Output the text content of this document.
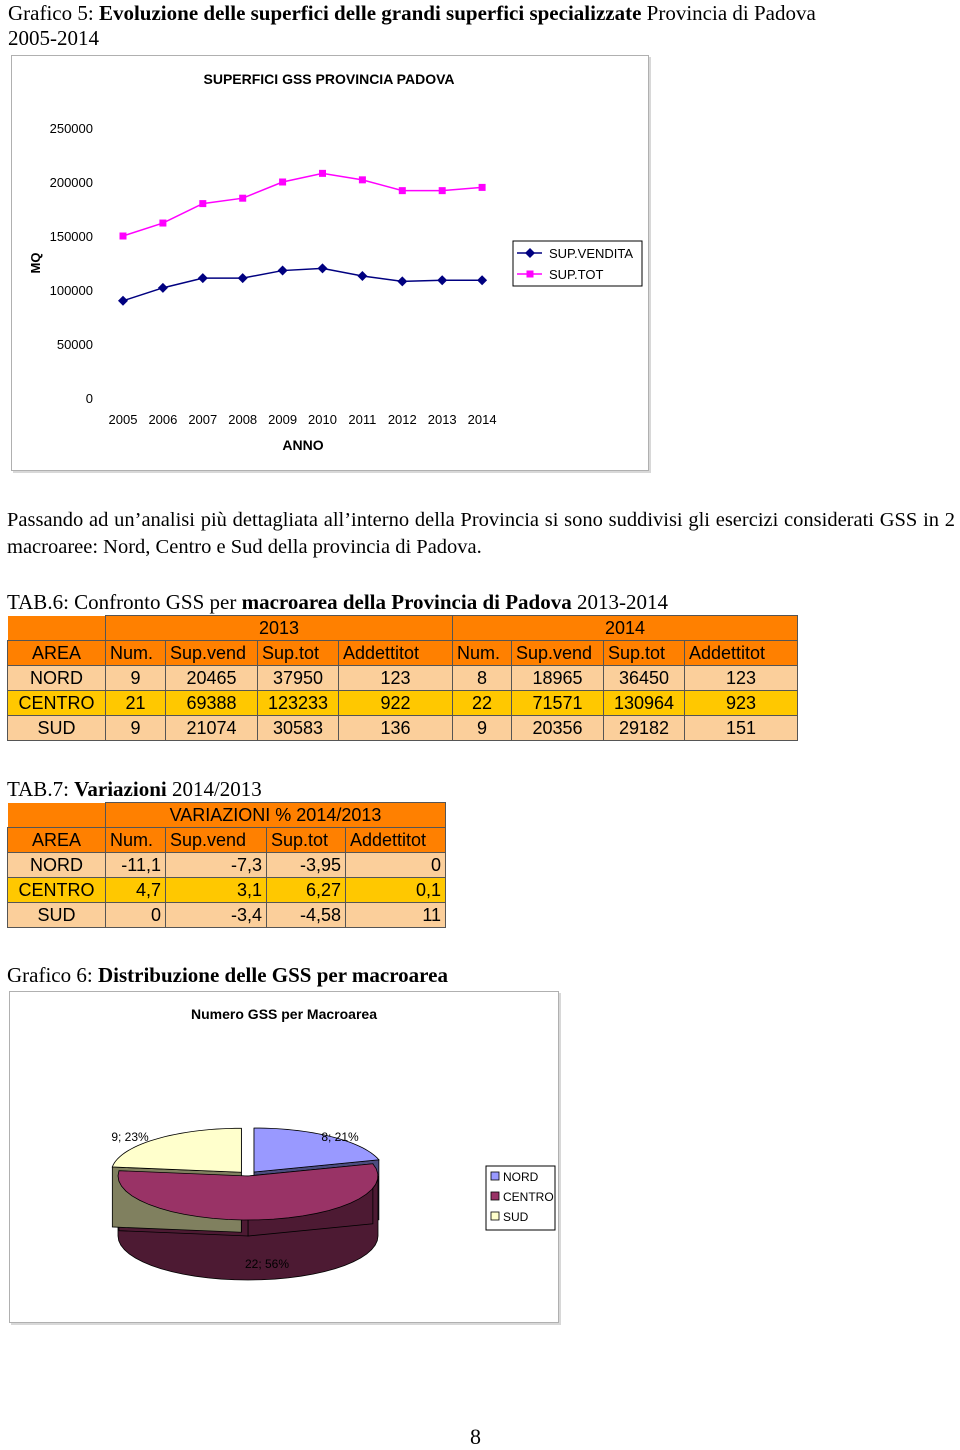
Grafico 5: Evoluzione delle superfici delle grandi superfici specializzate Provincia di Padova
2005-2014
SUPERFICI GSS PROVINCIA PADOVA
MQ
ANNO
250000
200000
150000
100000
50000
0
2005 2006 2007 2008 2009 2010 2011 2012 2013 2014
SUP.VENDITA
SUP.TOT
Passando ad un’analisi più dettagliata all’interno della Provincia si sono suddivisi gli esercizi considerati GSS in 2 macroaree: Nord, Centro e Sud della provincia di Padova.
TAB.6: Confronto GSS per macroarea della Provincia di Padova 2013-2014
	2013				2014			
AREA	Num.	Sup.vend	Sup.tot	Addettitot	Num.	Sup.vend	Sup.tot	Addettitot
NORD	9	20465	37950	123	8	18965	36450	123
CENTRO	21	69388	123233	922	22	71571	130964	923
SUD	9	21074	30583	136	9	20356	29182	151
TAB.7: Variazioni 2014/2013
	VARIAZIONI % 2014/2013			
AREA	Num.	Sup.vend	Sup.tot	Addettitot
NORD	-11,1	-7,3	-3,95	0
CENTRO	4,7	3,1	6,27	0,1
SUD	0	-3,4	-4,58	11
Grafico 6: Distribuzione delle GSS per macroarea
Numero GSS per Macroarea
8; 21%
22; 56%
9; 23%
NORD
CENTRO
SUD
8
